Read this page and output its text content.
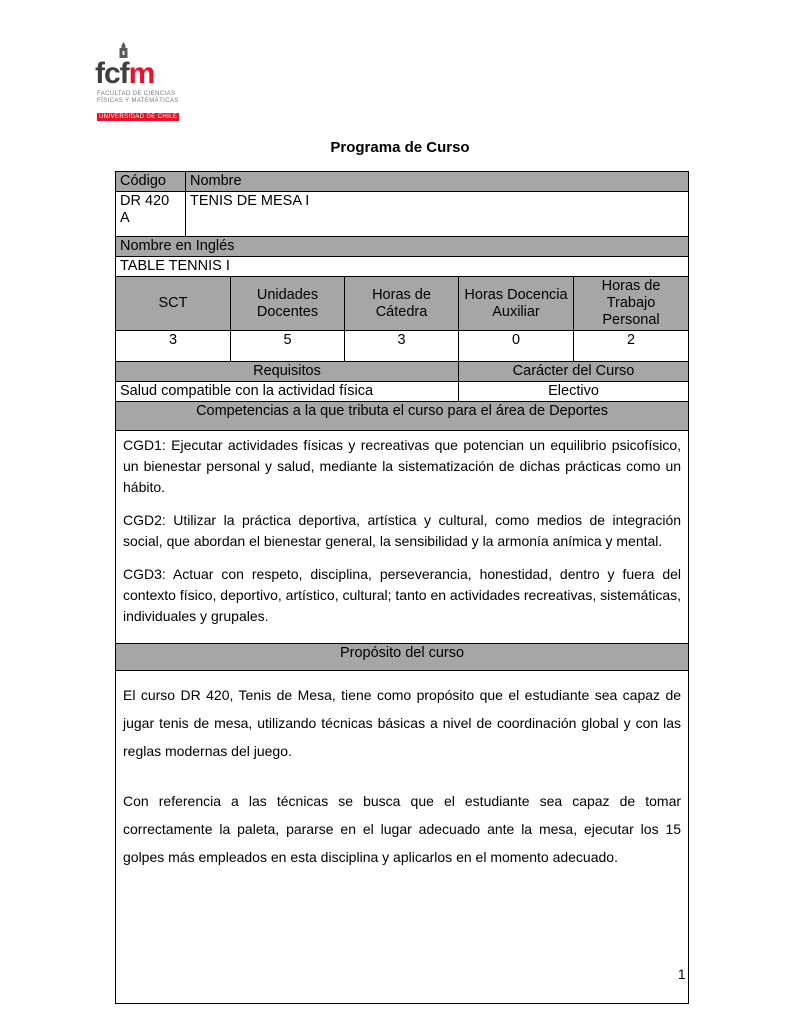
fcfm
FACULTAD DE CIENCIAS
FÍSICAS Y MATEMÁTICAS
UNIVERSIDAD DE CHILE
Programa de Curso
Código	Nombre				
DR 420 A	TENIS DE MESA I				
Nombre en Inglés					
TABLE TENNIS I					
SCT		Unidades Docentes	Horas de Cátedra	Horas Docencia Auxiliar	Horas de Trabajo Personal
3		5	3	0	2
Requisitos				Carácter del Curso	
Salud compatible con la actividad física				Electivo	
Competencias a la que tributa el curso para el área de Deportes					

CGD1: Ejecutar actividades físicas y recreativas que potencian un equilibrio psicofísico, un bienestar personal y salud, mediante la sistematización de dichas prácticas como un hábito.

CGD2: Utilizar la práctica deportiva, artística y cultural, como medios de integración social, que abordan el bienestar general, la sensibilidad y la armonía anímica y mental.

CGD3: Actuar con respeto, disciplina, perseverancia, honestidad, dentro y fuera del contexto físico, deportivo, artístico, cultural; tanto en actividades recreativas, sistemáticas, individuales y grupales.					

Propósito del curso					

El curso DR 420, Tenis de Mesa, tiene como propósito que el estudiante sea capaz de jugar tenis de mesa, utilizando técnicas básicas a nivel de coordinación global y con las reglas modernas del juego.

Con referencia a las técnicas se busca que el estudiante sea capaz de tomar correctamente la paleta, pararse en el lugar adecuado ante la mesa, ejecutar los 15 golpes más empleados en esta disciplina y aplicarlos en el momento adecuado.					

1
